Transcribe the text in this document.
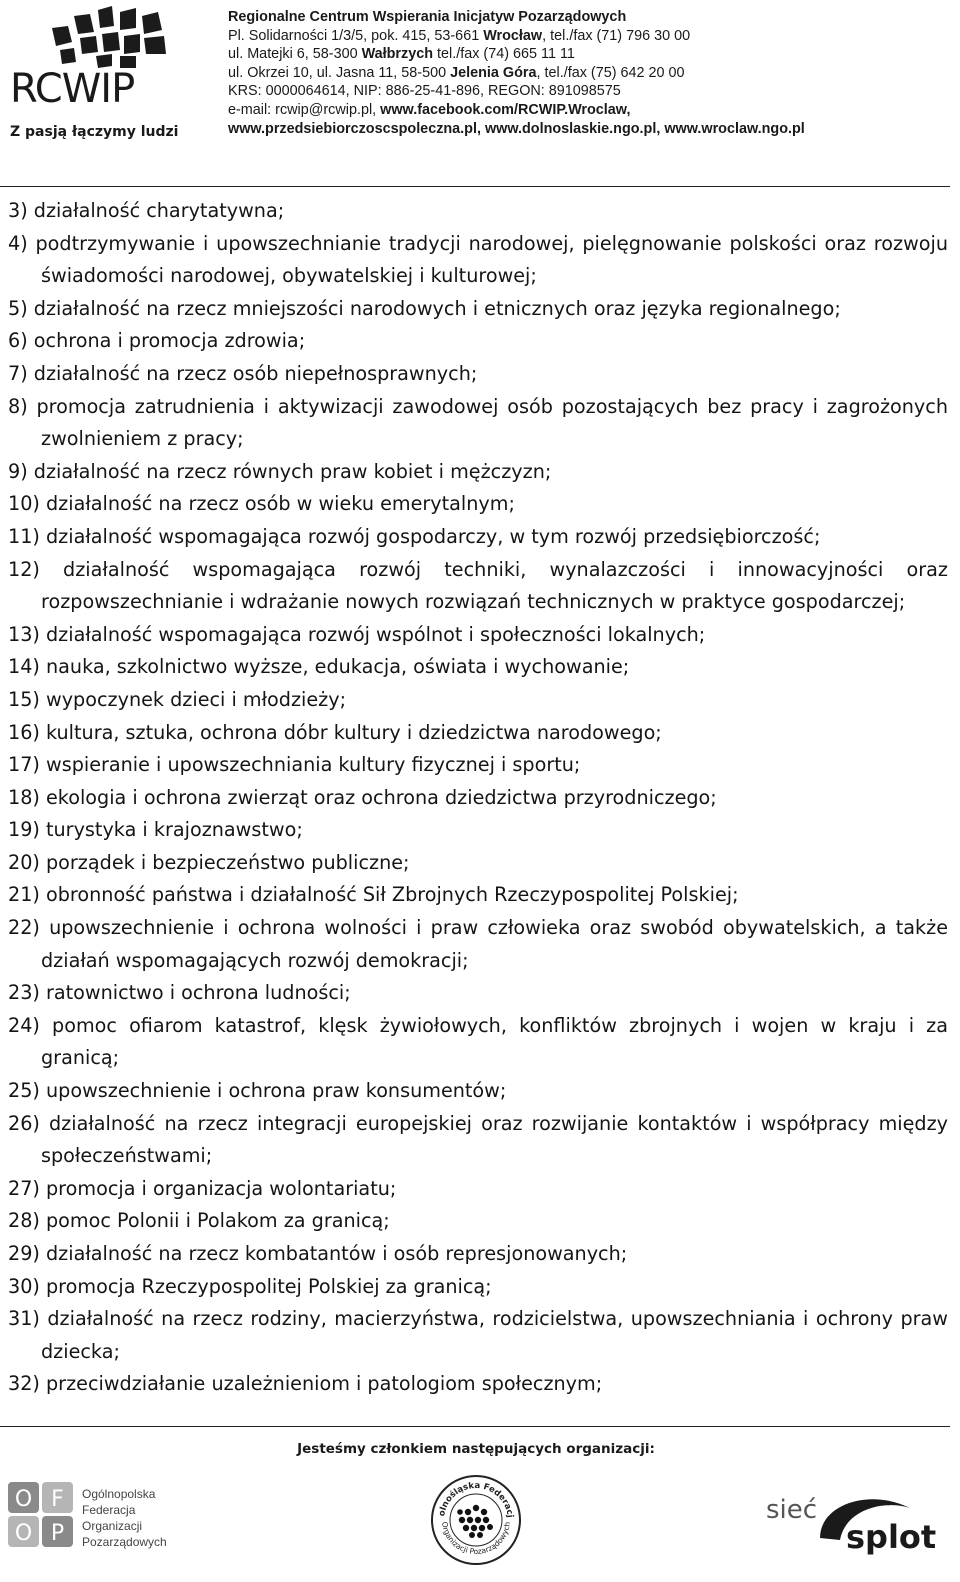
RCWIP
Z pasją łączymy ludzi
Regionalne Centrum Wspierania Inicjatyw Pozarządowych
Pl. Solidarności 1/3/5, pok. 415, 53-661 Wrocław, tel./fax (71) 796 30 00
ul. Matejki 6, 58-300 Wałbrzych tel./fax (74) 665 11 11
ul. Okrzei 10, ul. Jasna 11, 58-500 Jelenia Góra, tel./fax (75) 642 20 00
KRS: 0000064614, NIP: 886-25-41-896, REGON: 891098575
e-mail: rcwip@rcwip.pl, www.facebook.com/RCWIP.Wroclaw,
www.przedsiebiorczoscspoleczna.pl, www.dolnoslaskie.ngo.pl, www.wroclaw.ngo.pl

3) działalność charytatywna;

4) podtrzymywanie i upowszechnianie tradycji narodowej, pielęgnowanie polskości oraz rozwoju świadomości narodowej, obywatelskiej i kulturowej;

5) działalność na rzecz mniejszości narodowych i etnicznych oraz języka regionalnego;

6) ochrona i promocja zdrowia;

7) działalność na rzecz osób niepełnosprawnych;

8) promocja zatrudnienia i aktywizacji zawodowej osób pozostających bez pracy i zagrożonych zwolnieniem z pracy;

9) działalność na rzecz równych praw kobiet i mężczyzn;

10) działalność na rzecz osób w wieku emerytalnym;

11) działalność wspomagająca rozwój gospodarczy, w tym rozwój przedsiębiorczość;

12) działalność wspomagająca rozwój techniki, wynalazczości i innowacyjności oraz rozpowszechnianie i wdrażanie nowych rozwiązań technicznych w praktyce gospodarczej;

13) działalność wspomagająca rozwój wspólnot i społeczności lokalnych;

14) nauka, szkolnictwo wyższe, edukacja, oświata i wychowanie;

15) wypoczynek dzieci i młodzieży;

16) kultura, sztuka, ochrona dóbr kultury i dziedzictwa narodowego;

17) wspieranie i upowszechniania kultury fizycznej i sportu;

18) ekologia i ochrona zwierząt oraz ochrona dziedzictwa przyrodniczego;

19) turystyka i krajoznawstwo;

20) porządek i bezpieczeństwo publiczne;

21) obronność państwa i działalność Sił Zbrojnych Rzeczypospolitej Polskiej;

22) upowszechnienie i ochrona wolności i praw człowieka oraz swobód obywatelskich, a także działań wspomagających rozwój demokracji;

23) ratownictwo i ochrona ludności;

24) pomoc ofiarom katastrof, klęsk żywiołowych, konfliktów zbrojnych i wojen w kraju i za granicą;

25) upowszechnienie i ochrona praw konsumentów;

26) działalność na rzecz integracji europejskiej oraz rozwijanie kontaktów i współpracy między społeczeństwami;

27) promocja i organizacja wolontariatu;

28) pomoc Polonii i Polakom za granicą;

29) działalność na rzecz kombatantów i osób represjonowanych;

30) promocja Rzeczypospolitej Polskiej za granicą;

31) działalność na rzecz rodziny, macierzyństwa, rodzicielstwa, upowszechniania i ochrony praw dziecka;

32) przeciwdziałanie uzależnieniom i patologiom społecznym;

Jesteśmy członkiem następujących organizacji:
O F
O P
Ogólnopolska
Federacja
Organizacji
Pozarządowych
olnośląska Federacj
Organizacji Pozarządowych	sieć
splot
